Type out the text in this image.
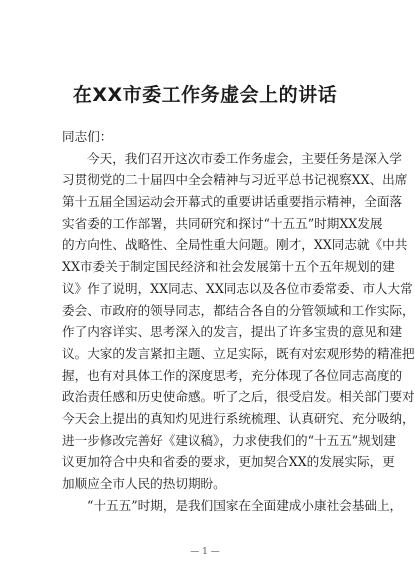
在XX市委工作务虚会上的讲话
同志们：
今天，我们召开这次市委工作务虚会，主要任务是深入学
习贯彻党的二十届四中全会精神与习近平总书记视察XX、出席
第十五届全国运动会开幕式的重要讲话重要指示精神，全面落
实省委的工作部署，共同研究和探讨“十五五”时期XX发展
的方向性、战略性、全局性重大问题。刚才，XX同志就《中共
XX市委关于制定国民经济和社会发展第十五个五年规划的建
议》作了说明，XX同志、XX同志以及各位市委常委、市人大常
委会、市政府的领导同志，都结合各自的分管领域和工作实际，
作了内容详实、思考深入的发言，提出了许多宝贵的意见和建
议。大家的发言紧扣主题、立足实际，既有对宏观形势的精准把
握，也有对具体工作的深度思考，充分体现了各位同志高度的
政治责任感和历史使命感。听了之后，很受启发。相关部门要对
今天会上提出的真知灼见进行系统梳理、认真研究、充分吸纳，
进一步修改完善好《建议稿》，力求使我们的“十五五”规划建
议更加符合中央和省委的要求，更加契合XX的发展实际，更
加顺应全市人民的热切期盼。
“十五五”时期，是我们国家在全面建成小康社会基础上，
— 1 —
